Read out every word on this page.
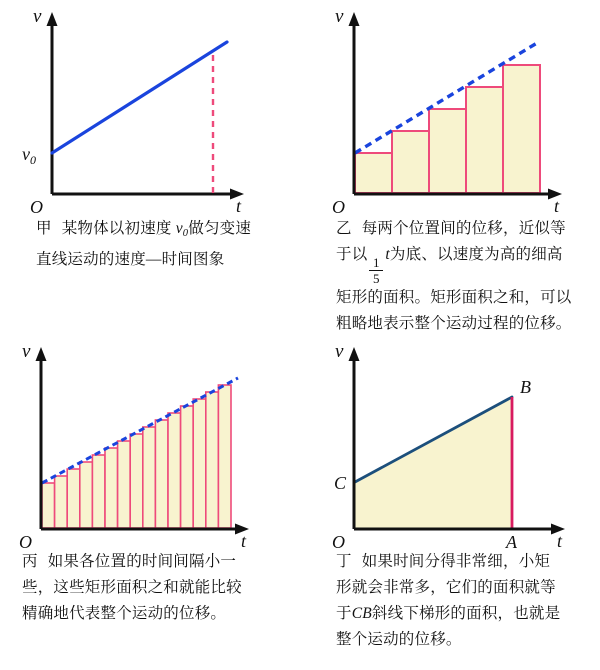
v
t
O
$v_0$
甲 某物体以初速度 $v_0$做匀变速
直线运动的速度—时间图象
v
t
O
乙 每两个位置间的位移，近似等
于以
$\frac{1}{5}$
t为底、以速度为高的细高
矩形的面积。矩形面积之和，可以
粗略地表示整个运动过程的位移。
v
t
O
丙 如果各位置的时间间隔小一
些，这些矩形面积之和就能比较
精确地代表整个运动的位移。
v
t
O
C
B
A
丁 如果时间分得非常细，小矩
形就会非常多，它们的面积就等
于CB斜线下梯形的面积，也就是
整个运动的位移。
